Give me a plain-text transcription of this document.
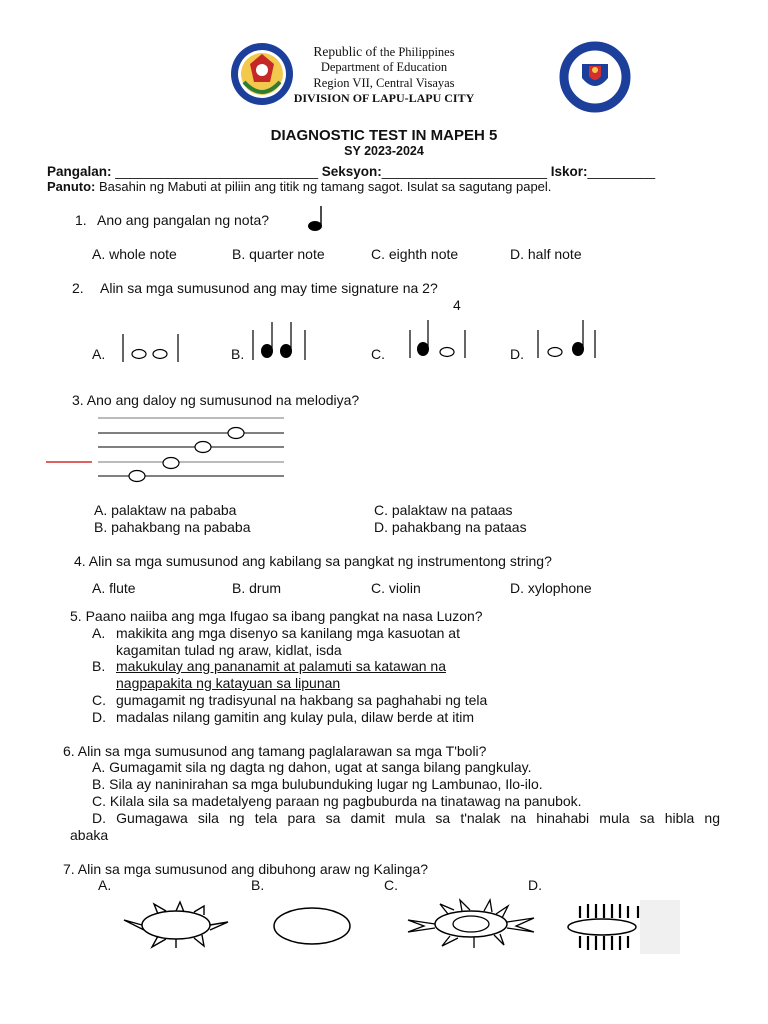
Republic of the Philippines
Department of Education
Region VII, Central Visayas
DIVISION OF LAPU-LAPU CITY
DIAGNOSTIC TEST IN MAPEH 5
SY 2023-2024
Pangalan: ___________________________ Seksyon:______________________ Iskor:_________
Panuto: Basahin ng Mabuti at piliin ang titik ng tamang sagot. Isulat sa sagutang papel.
1. Ano ang pangalan ng nota?
A. whole note	B. quarter note	C. eighth note	D. half note
2. Alin sa mga sumusunod ang may time signature na 2?
4
A.	B.	C.	D.
3. Ano ang daloy ng sumusunod na melodiya?
A. palaktaw na pababa
B. pahakbang na pababa
C. palaktaw na pataas
D. pahakbang na pataas
4. Alin sa mga sumusunod ang kabilang sa pangkat ng instrumentong string?
A. flute	B. drum	C. violin	D. xylophone
5. Paano naiiba ang mga Ifugao sa ibang pangkat na nasa Luzon?
A. makikita ang mga disenyo sa kanilang mga kasuotan at
kagamitan tulad ng araw, kidlat, isda
B. makukulay ang pananamit at palamuti sa katawan na
nagpapakita ng katayuan sa lipunan
C. gumagamit ng tradisyunal na hakbang sa paghahabi ng tela
D. madalas nilang gamitin ang kulay pula, dilaw berde at itim
6. Alin sa mga sumusunod ang tamang paglalarawan sa mga T'boli?
A. Gumagamit sila ng dagta ng dahon, ugat at sanga bilang pangkulay.
B. Sila ay naninirahan sa mga bulubunduking lugar ng Lambunao, Ilo-ilo.
C. Kilala sila sa madetalyeng paraan ng pagbuburda na tinatawag na panubok.
D. Gumagawa sila ng tela para sa damit mula sa t'nalak na hinahabi mula sa hibla ng
abaka
7. Alin sa mga sumusunod ang dibuhong araw ng Kalinga?
A.	B.	C.	D.
